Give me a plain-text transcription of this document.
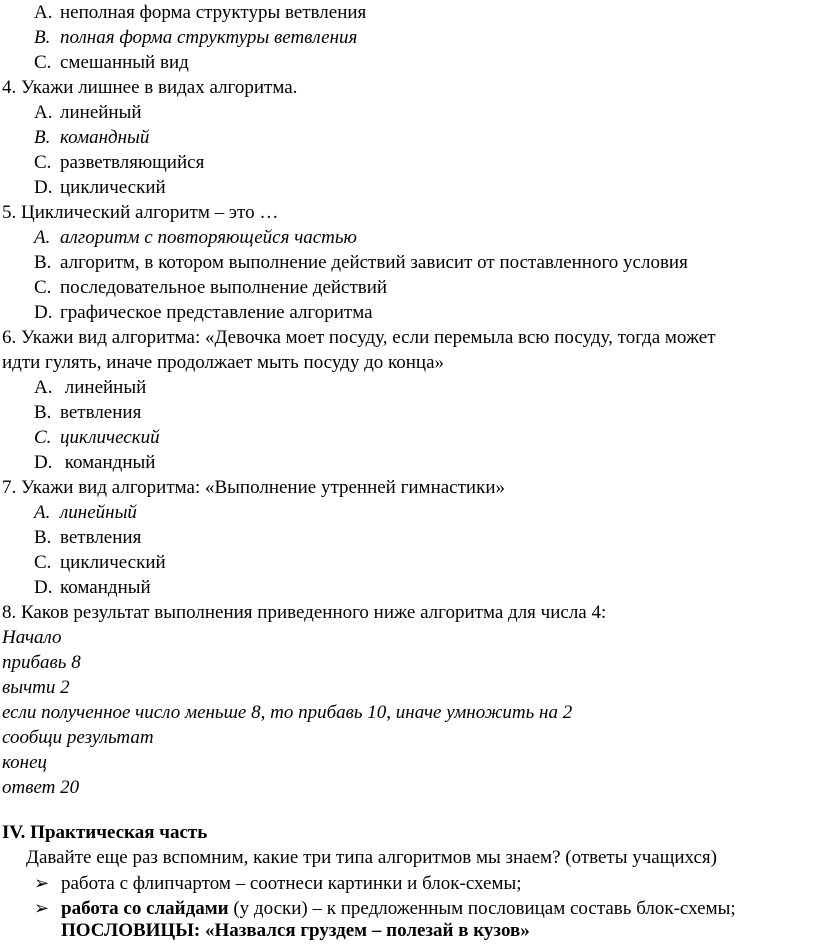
A. неполная форма структуры ветвления
B. полная форма структуры ветвления
C. смешанный вид
4. Укажи лишнее в видах алгоритма.
A. линейный
B. командный
C. разветвляющийся
D. циклический
5. Циклический алгоритм – это …
A. алгоритм с повторяющейся частью
B. алгоритм, в котором выполнение действий зависит от поставленного условия
C. последовательное выполнение действий
D. графическое представление алгоритма
6. Укажи вид алгоритма: «Девочка моет посуду, если перемыла всю посуду, тогда может
идти гулять, иначе продолжает мыть посуду до конца»
A. линейный
B. ветвления
C. циклический
D. командный
7. Укажи вид алгоритма: «Выполнение утренней гимнастики»
A. линейный
B. ветвления
C. циклический
D. командный
8. Каков результат выполнения приведенного ниже алгоритма для числа 4:
Начало
прибавь 8
вычти 2
если полученное число меньше 8, то прибавь 10, иначе умножить на 2
сообщи результат
конец
ответ 20
IV. Практическая часть
Давайте еще раз вспомним, какие три типа алгоритмов мы знаем? (ответы учащихся)
➢ работа с флипчартом – соотнеси картинки и блок-схемы;
➢ работа со слайдами (у доски) – к предложенным пословицам составь блок-схемы;
ПОСЛОВИЦЫ: «Назвался груздем – полезай в кузов»
